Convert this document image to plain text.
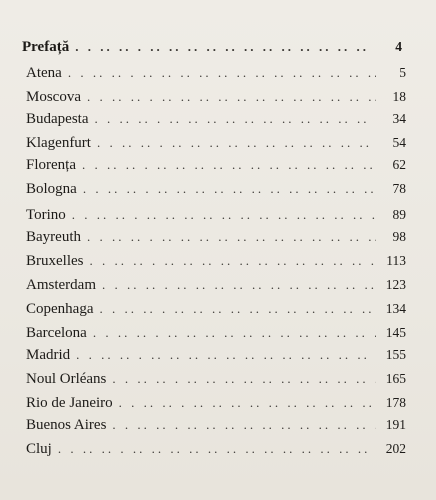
Prefață . . .	4
Atena . . .	5
Moscova . . .	18
Budapesta . . .	34
Klagenfurt . . .	54
Florența . . .	62
Bologna . . .	78
Torino . . .	89
Bayreuth . . .	98
Bruxelles . . .	113
Amsterdam . . .	123
Copenhaga . . .	134
Barcelona . . .	145
Madrid . . .	155
Noul Orléans . . .	165
Rio de Janeiro . . .	178
Buenos Aires . . .	191
Cluj . . .	202
